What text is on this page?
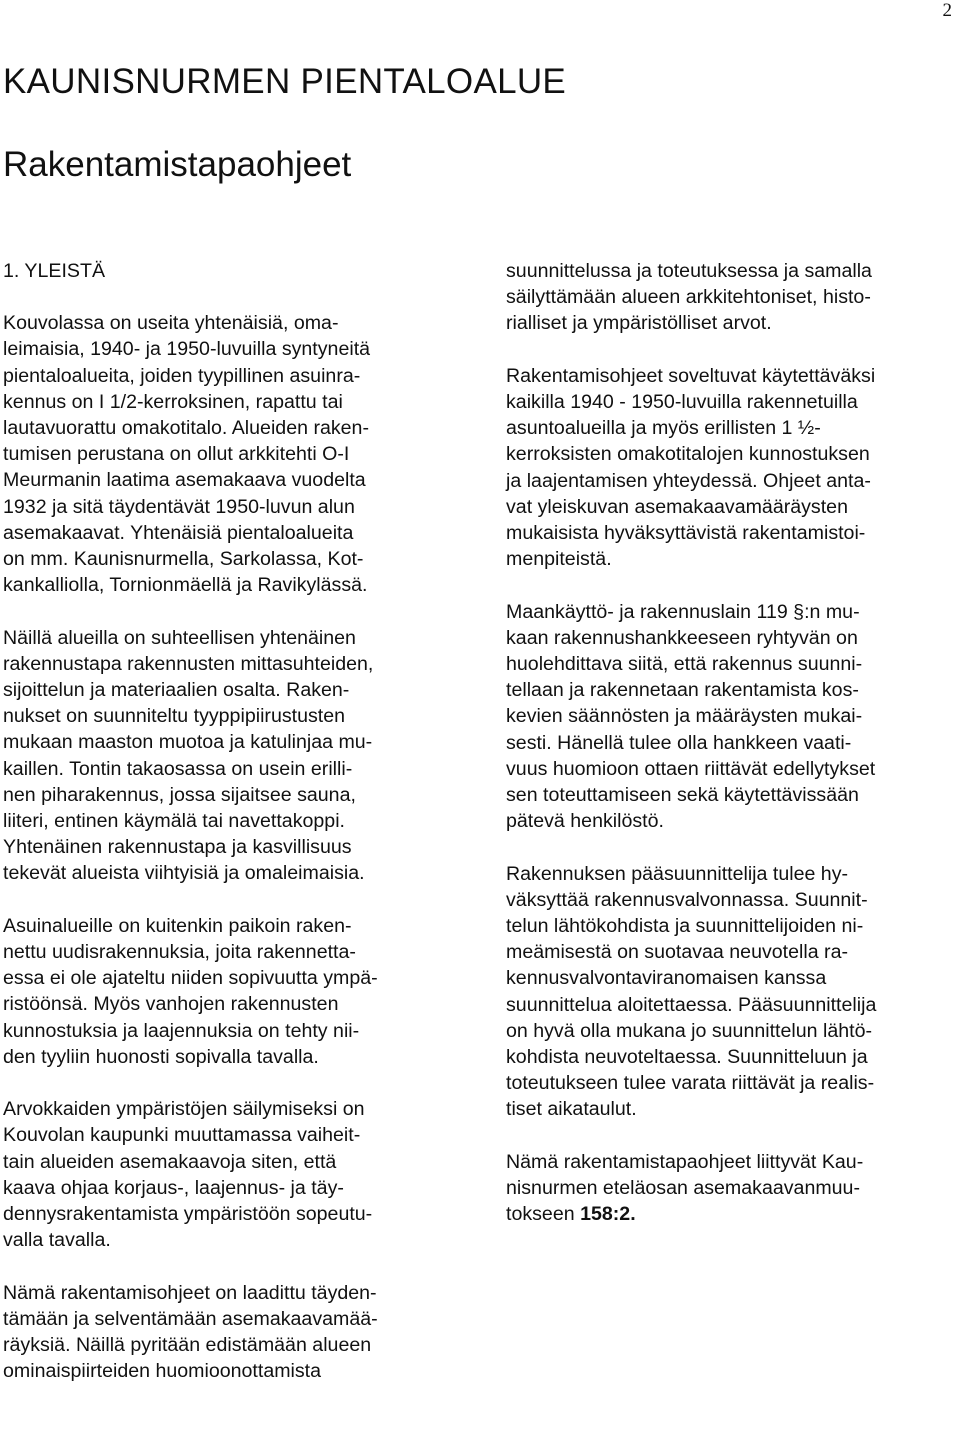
2
KAUNISNURMEN PIENTALOALUE
Rakentamistapaohjeet
1. YLEISTÄ
Kouvolassa on useita yhtenäisiä, oma-
leimaisia, 1940- ja 1950-luvuilla syntyneitä
pientaloalueita, joiden tyypillinen asuinra-
kennus on I 1/2-kerroksinen, rapattu tai
lautavuorattu omakotitalo. Alueiden raken-
tumisen perustana on ollut arkkitehti O-I
Meurmanin laatima asemakaava vuodelta
1932 ja sitä täydentävät 1950-luvun alun
asemakaavat. Yhtenäisiä pientaloalueita
on mm. Kaunisnurmella, Sarkolassa, Kot-
kankalliolla, Tornionmäellä ja Ravikylässä.
Näillä alueilla on suhteellisen yhtenäinen
rakennustapa rakennusten mittasuhteiden,
sijoittelun ja materiaalien osalta. Raken-
nukset on suunniteltu tyyppipiirustusten
mukaan maaston muotoa ja katulinjaa mu-
kaillen. Tontin takaosassa on usein erilli-
nen piharakennus, jossa sijaitsee sauna,
liiteri, entinen käymälä tai navettakoppi.
Yhtenäinen rakennustapa ja kasvillisuus
tekevät alueista viihtyisiä ja omaleimaisia.
Asuinalueille on kuitenkin paikoin raken-
nettu uudisrakennuksia, joita rakennetta-
essa ei ole ajateltu niiden sopivuutta ympä-
ristöönsä. Myös vanhojen rakennusten
kunnostuksia ja laajennuksia on tehty nii-
den tyyliin huonosti sopivalla tavalla.
Arvokkaiden ympäristöjen säilymiseksi on
Kouvolan kaupunki muuttamassa vaiheit-
tain alueiden asemakaavoja siten, että
kaava ohjaa korjaus-, laajennus- ja täy-
dennysrakentamista ympäristöön sopeutu-
valla tavalla.
Nämä rakentamisohjeet on laadittu täyden-
tämään ja selventämään asemakaavamää-
räyksiä. Näillä pyritään edistämään alueen
ominaispiirteiden huomioonottamista
suunnittelussa ja toteutuksessa ja samalla
säilyttämään alueen arkkitehtoniset, histo-
rialliset ja ympäristölliset arvot.
Rakentamisohjeet soveltuvat käytettäväksi
kaikilla 1940 - 1950-luvuilla rakennetuilla
asuntoalueilla ja myös erillisten 1 ½-
kerroksisten omakotitalojen kunnostuksen
ja laajentamisen yhteydessä. Ohjeet anta-
vat yleiskuvan asemakaavamääräysten
mukaisista hyväksyttävistä rakentamistoi-
menpiteistä.
Maankäyttö- ja rakennuslain 119 §:n mu-
kaan rakennushankkeeseen ryhtyvän on
huolehdittava siitä, että rakennus suunni-
tellaan ja rakennetaan rakentamista kos-
kevien säännösten ja määräysten mukai-
sesti. Hänellä tulee olla hankkeen vaati-
vuus huomioon ottaen riittävät edellytykset
sen toteuttamiseen sekä käytettävissään
pätevä henkilöstö.
Rakennuksen pääsuunnittelija tulee hy-
väksyttää rakennusvalvonnassa. Suunnit-
telun lähtökohdista ja suunnittelijoiden ni-
meämisestä on suotavaa neuvotella ra-
kennusvalvontaviranomaisen kanssa
suunnittelua aloitettaessa. Pääsuunnittelija
on hyvä olla mukana jo suunnittelun lähtö-
kohdista neuvoteltaessa. Suunnitteluun ja
toteutukseen tulee varata riittävät ja realis-
tiset aikataulut.
Nämä rakentamistapaohjeet liittyvät Kau-
nisnurmen eteläosan asemakaavanmuu-
tokseen 158:2.
